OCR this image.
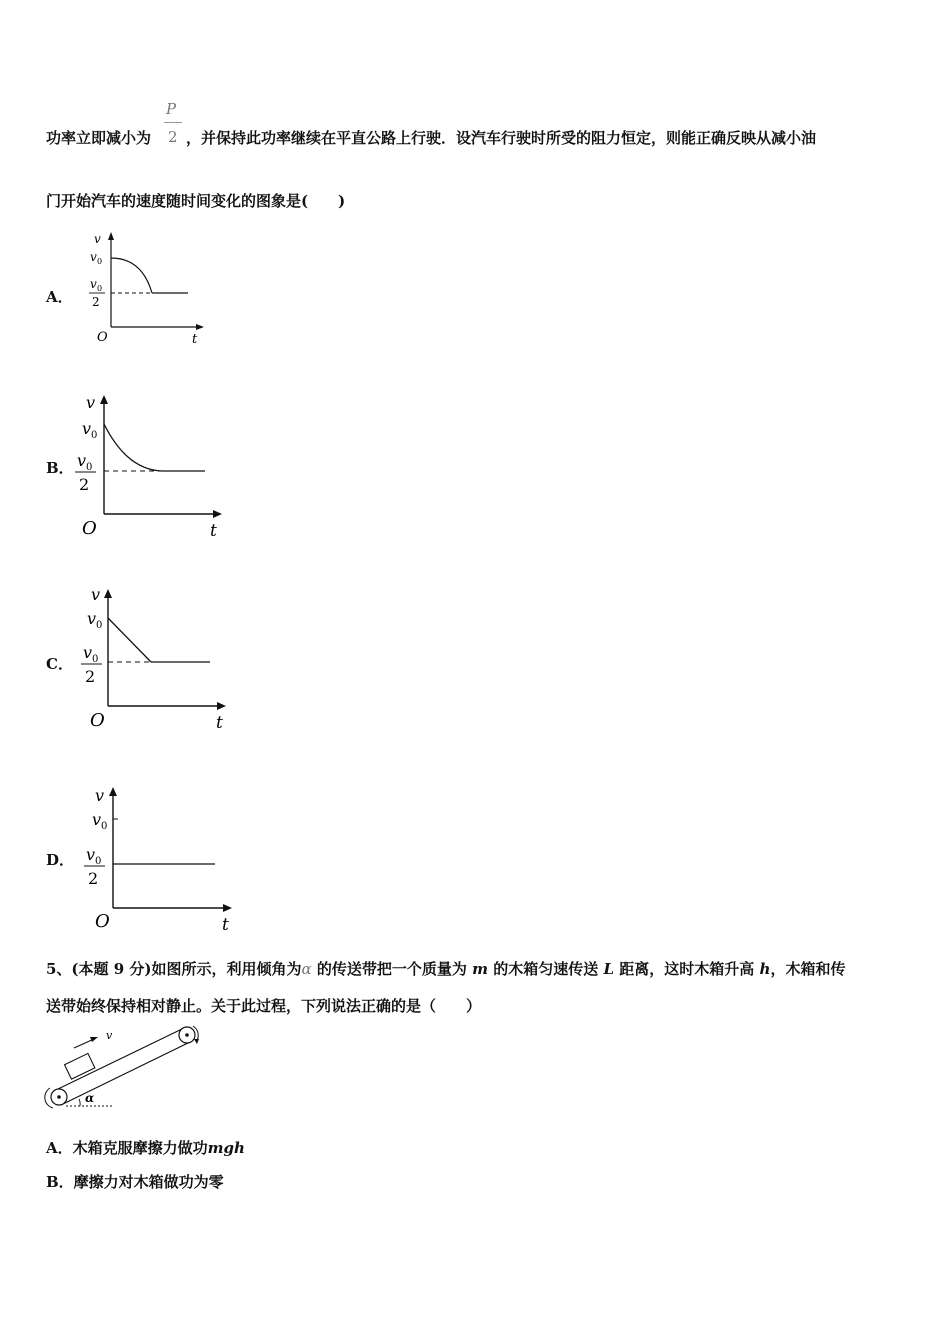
P
2
功率立即减小为 ，并保持此功率继续在平直公路上行驶．设汽车行驶时所受的阻力恒定，则能正确反映从减小油
门开始汽车的速度随时间变化的图象是(　　)
A．
v
v 0
v 0
2
O	t
B．
v
v 0
v 0
2
O	t
C．
v
v 0
v 0
2
O	t
D．
v
v 0
v 0
2
O	t
5、(本题 9 分)如图所示，利用倾角为α 的传送带把一个质量为 m 的木箱匀速传送 L 距离，这时木箱升高 h，木箱和传
送带始终保持相对静止。关于此过程，下列说法正确的是（　　）
v
α
A．木箱克服摩擦力做功mgh
B．摩擦力对木箱做功为零
